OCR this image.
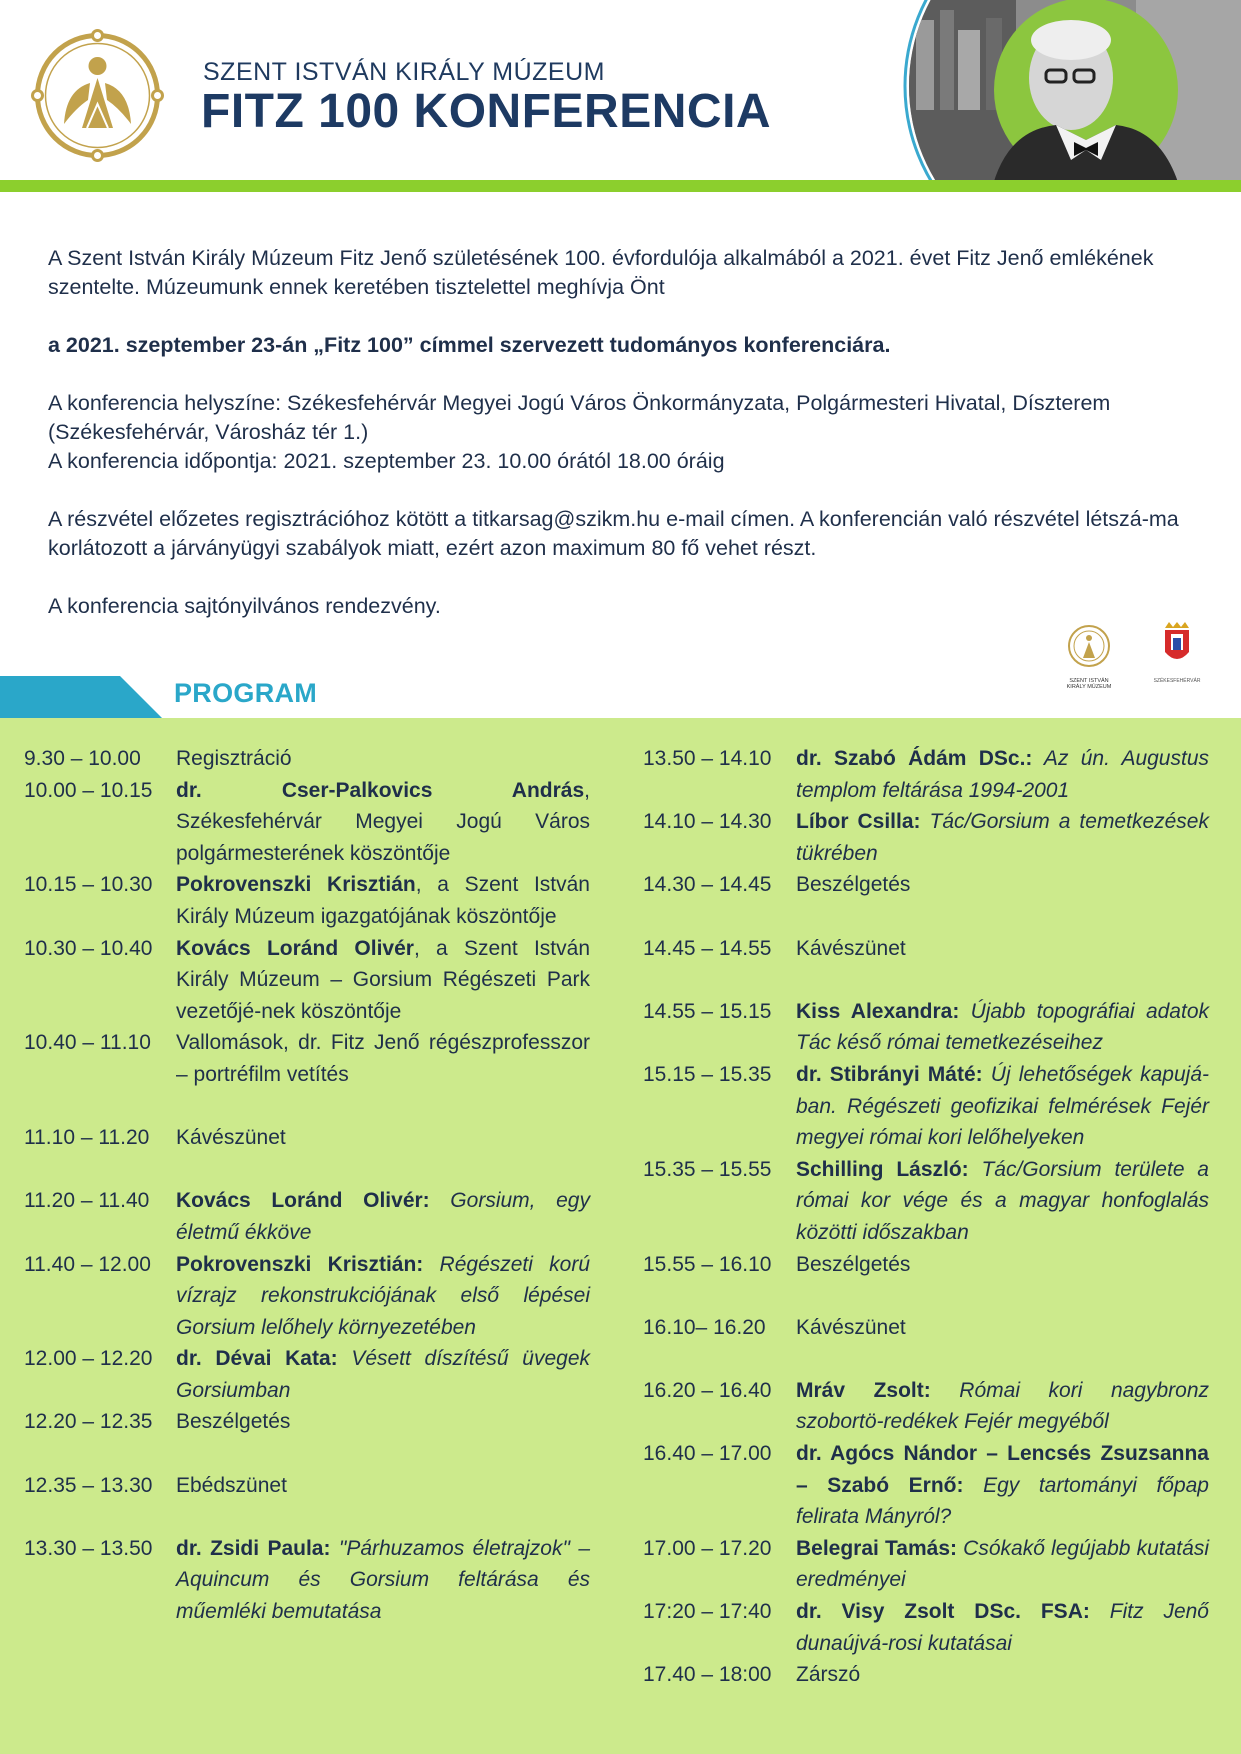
SZENT ISTVÁN KIRÁLY MÚZEUM
FITZ 100 KONFERENCIA

A Szent István Király Múzeum Fitz Jenő születésének 100. évfordulója alkalmából a 2021. évet Fitz Jenő emlékének szentelte. Múzeumunk ennek keretében tisztelettel meghívja Önt

a 2021. szeptember 23-án „Fitz 100” címmel szervezett tudományos konferenciára.

A konferencia helyszíne: Székesfehérvár Megyei Jogú Város Önkormányzata, Polgármesteri Hivatal, Díszterem

(Székesfehérvár, Városház tér 1.)

A konferencia időpontja: 2021. szeptember 23. 10.00 órától 18.00 óráig

A részvétel előzetes regisztrációhoz kötött a titkarsag@szikm.hu e-mail címen. A konferencián való részvétel létszá-ma korlátozott a járványügyi szabályok miatt, ezért azon maximum 80 fő vehet részt.

A konferencia sajtónyilvános rendezvény.

SZENT ISTVÁN
KIRÁLY MÚZEUM
SZÉKESFEHÉRVÁR
PROGRAM
9.30 – 10.00	Regisztráció
10.00 – 10.15	dr. Cser-Palkovics András, Székesfehérvár Megyei Jogú Város polgármesterének köszöntője
10.15 – 10.30	Pokrovenszki Krisztián, a Szent István Király Múzeum igazgatójának köszöntője
10.30 – 10.40	Kovács Loránd Olivér, a Szent István Király Múzeum – Gorsium Régészeti Park vezetőjé-nek köszöntője
10.40 – 11.10	Vallomások, dr. Fitz Jenő régészprofesszor – portréfilm vetítés
11.10 – 11.20	Kávészünet
11.20 – 11.40	Kovács Loránd Olivér: Gorsium, egy életmű ékköve
11.40 – 12.00	Pokrovenszki Krisztián: Régészeti korú vízrajz rekonstrukciójának első lépései Gorsium lelőhely környezetében
12.00 – 12.20	dr. Dévai Kata: Vésett díszítésű üvegek Gorsiumban
12.20 – 12.35	Beszélgetés
12.35 – 13.30	Ebédszünet
13.30 – 13.50	dr. Zsidi Paula: "Párhuzamos életrajzok" – Aquincum és Gorsium feltárása és műemléki bemutatása
13.50 – 14.10	dr. Szabó Ádám DSc.: Az ún. Augustus templom feltárása 1994-2001
14.10 – 14.30	Líbor Csilla: Tác/Gorsium a temetkezések tükrében
14.30 – 14.45	Beszélgetés
14.45 – 14.55	Kávészünet
14.55 – 15.15	Kiss Alexandra: Újabb topográfiai adatok Tác késő római temetkezéseihez
15.15 – 15.35	dr. Stibrányi Máté: Új lehetőségek kapujá-ban. Régészeti geofizikai felmérések Fejér megyei római kori lelőhelyeken
15.35 – 15.55	Schilling László: Tác/Gorsium területe a római kor vége és a magyar honfoglalás közötti időszakban
15.55 – 16.10	Beszélgetés
16.10– 16.20	Kávészünet
16.20 – 16.40	Mráv Zsolt: Római kori nagybronz szobortö-redékek Fejér megyéből
16.40 – 17.00	dr. Agócs Nándor – Lencsés Zsuzsanna – Szabó Ernő: Egy tartományi főpap felirata Mányról?
17.00 – 17.20	Belegrai Tamás: Csókakő legújabb kutatási eredményei
17:20 – 17:40	dr. Visy Zsolt DSc. FSA: Fitz Jenő dunaújvá-rosi kutatásai
17.40 – 18:00	Zárszó
